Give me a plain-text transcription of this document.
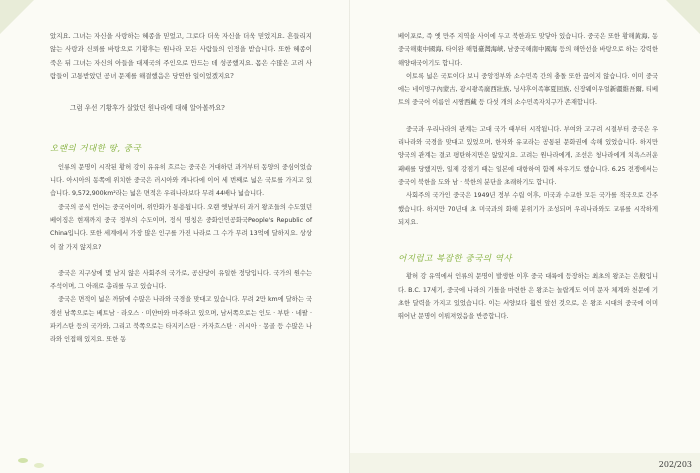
았지요. 그녀는 자신을 사랑하는 혜종을 믿었고, 그로다 더욱 자신을 더욱 믿었지요. 흔들리지 않는 사랑과 신뢰를 바탕으로 기황후는 원나라 모든 사람들의 인정을 받습니다. 또한 혜종이 죽은 뒤 그녀는 자신의 아들을 대제국의 주인으로 만드는 데 성공했지요. 몸은 수많은 고려 사람들이 고통받았던 공녀 문제를 해결했음은 당연한 일이었겠지요?

그럼 우선 기황후가 살았던 원나라에 대해 알아볼까요?

오랜의 거대한 땅, 중국

인류의 문명이 시작된 황허 강이 유유히 흐르는 중국은 거대하던 과거부터 동양의 중심이었습니다. 아시아의 동쪽에 위치한 중국은 러시아와 캐나다에 이어 세 번째로 넓은 국토를 가지고 있습니다. 9,572,900km²라는 넓은 면적은 우리나라보다 무려 44배나 넓습니다.

중국의 공식 언어는 중국어이며, 위안화가 통용됩니다. 오랜 옛날부터 과거 왕조들의 수도였던 베이징은 현재까지 중국 정부의 수도이며, 정식 명칭은 중화인민공화국People's Republic of China입니다. 또한 세계에서 가장 많은 인구를 가진 나라로 그 수가 무려 13억에 달하지요. 상상이 잘 가지 않지요?

중국은 지구상에 몇 남지 않은 사회주의 국가로, 공산당이 유일한 정당입니다. 국가의 원수는 주석이며, 그 아래로 총리를 두고 있습니다.

중국은 면적이 넓은 까닭에 수많은 나라와 국경을 맞대고 있습니다. 무려 2만 km에 달하는 국경선 남쪽으로는 베트남 · 라오스 · 미얀마와 마주하고 있으며, 남서쪽으로는 인도 · 부탄 · 네팔 · 파키스탄 등의 국가와, 그리고 북쪽으로는 타지키스탄 · 카자흐스탄 · 러시아 · 몽골 등 수많은 나라와 인접해 있지요. 또한 동

베이포로, 즉 옛 만주 지역을 사이에 두고 북한과도 맞닿아 있습니다. 중국은 또한 황해黃海, 동중국해東中國海, 타이완 해협臺灣海峽, 남중국해南中國海 등의 해안선을 바탕으로 하는 강력한 해양대국이기도 합니다.

이토록 넓은 국토이다 보니 중앙정부와 소수민족 간의 충돌 또한 끊이지 않습니다. 이미 중국에는 네이멍구內蒙古, 광시좡족廣西壯族, 닝샤후이족寧夏回族, 신장웨이우얼新疆維吾爾, 티베트의 중국어 이름인 시짱西藏 등 다섯 개의 소수민족자치구가 존재합니다.

중국과 우리나라의 관계는 고대 국가 때부터 시작됩니다. 부여와 고구려 시절부터 중국은 우리나라와 국경을 맞대고 있었으며, 한자와 유교라는 공통된 문화권에 속해 있었습니다. 하지만 양국의 관계는 결코 평탄하지만은 않았지요. 고려는 원나라에게, 조선은 청나라에게 치욕스러운 패배를 당했지만, 일제 강점기 때는 일본에 대항하여 함께 싸우기도 했습니다. 6.25 전쟁에서는 중국이 북한을 도와 남 · 북한의 분단을 초래하기도 합니다.

사회주의 국가인 중국은 1949년 정부 수립 이후, 미국과 수교한 모든 국가를 적국으로 간주했습니다. 하지만 70년대 초 미국과의 화해 분위기가 조성되며 우리나라와도 교류를 시작하게 되지요.

어지럽고 복잡한 중국의 역사

황허 강 유역에서 인류의 문명이 발생한 이후 중국 대륙에 등장하는 최초의 왕조는 은殷입니다. B.C. 17세기, 중국에 나라의 기틀을 마련한 은 왕조는 놀랍게도 이미 문자 체계와 천문에 기초한 달력을 가지고 있었습니다. 이는 서양보다 훨씬 앞선 것으로, 은 왕조 시대의 중국에 이미 뛰어난 문명이 이뤄져었음을 반증합니다.

202/203
